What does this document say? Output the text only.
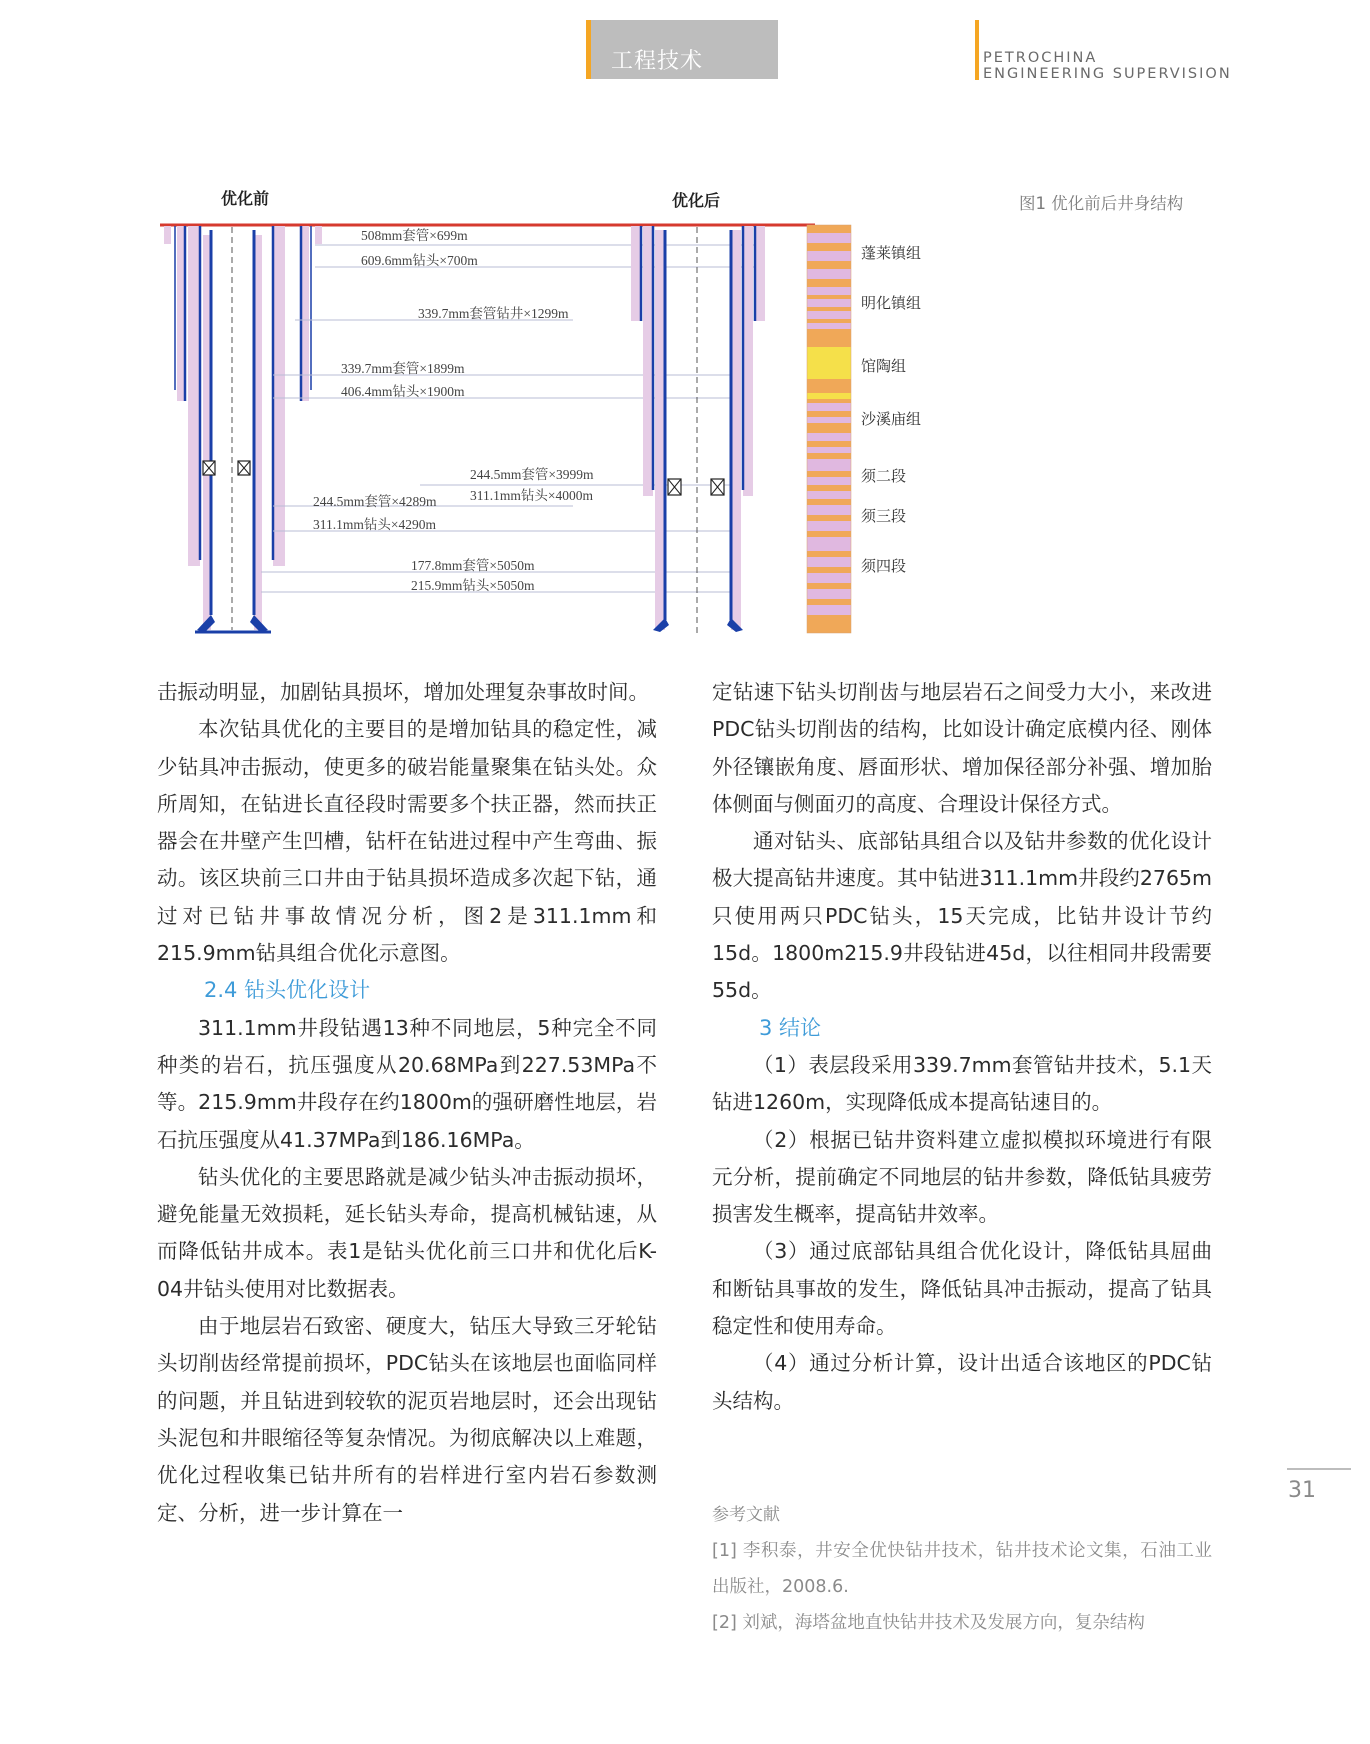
工程技术	PETROCHINA
ENGINEERING SUPERVISION
优化前	优化后	图1 优化前后井身结构
508mm套管×699m
609.6mm钻头×700m
339.7mm套管钻井×1299m
339.7mm套管×1899m
406.4mm钻头×1900m
244.5mm套管×3999m
311.1mm钻头×4000m
244.5mm套管×4289m
311.1mm钻头×4290m
177.8mm套管×5050m
215.9mm钻头×5050m
蓬莱镇组
明化镇组
馆陶组
沙溪庙组
须二段
须三段
须四段

击振动明显，加剧钻具损坏，增加处理复杂事故时间。

本次钻具优化的主要目的是增加钻具的稳定性，减少钻具冲击振动，使更多的破岩能量聚集在钻头处。众所周知，在钻进长直径段时需要多个扶正器，然而扶正器会在井壁产生凹槽，钻杆在钻进过程中产生弯曲、振动。该区块前三口井由于钻具损坏造成多次起下钻，通过对已钻井事故情况分析，图2是311.1mm和215.9mm钻具组合优化示意图。

2.4 钻头优化设计

311.1mm井段钻遇13种不同地层，5种完全不同种类的岩石，抗压强度从20.68MPa到227.53MPa不等。215.9mm井段存在约1800m的强研磨性地层，岩石抗压强度从41.37MPa到186.16MPa。

钻头优化的主要思路就是减少钻头冲击振动损坏，避免能量无效损耗，延长钻头寿命，提高机械钻速，从而降低钻井成本。表1是钻头优化前三口井和优化后K-04井钻头使用对比数据表。

由于地层岩石致密、硬度大，钻压大导致三牙轮钻头切削齿经常提前损坏，PDC钻头在该地层也面临同样的问题，并且钻进到较软的泥页岩地层时，还会出现钻头泥包和井眼缩径等复杂情况。为彻底解决以上难题，优化过程收集已钻井所有的岩样进行室内岩石参数测定、分析，进一步计算在一

定钻速下钻头切削齿与地层岩石之间受力大小，来改进PDC钻头切削齿的结构，比如设计确定底模内径、刚体外径镶嵌角度、唇面形状、增加保径部分补强、增加胎体侧面与侧面刃的高度、合理设计保径方式。

通对钻头、底部钻具组合以及钻井参数的优化设计极大提高钻井速度。其中钻进311.1mm井段约2765m只使用两只PDC钻头，15天完成，比钻井设计节约15d。1800m215.9井段钻进45d，以往相同井段需要55d。

3 结论

（1）表层段采用339.7mm套管钻井技术，5.1天钻进1260m，实现降低成本提高钻速目的。

（2）根据已钻井资料建立虚拟模拟环境进行有限元分析，提前确定不同地层的钻井参数，降低钻具疲劳损害发生概率，提高钻井效率。

（3）通过底部钻具组合优化设计，降低钻具屈曲和断钻具事故的发生，降低钻具冲击振动，提高了钻具稳定性和使用寿命。

（4）通过分析计算，设计出适合该地区的PDC钻头结构。

参考文献

[1] 李积泰，井安全优快钻井技术，钻井技术论文集，石油工业出版社，2008.6.

[2] 刘斌，海塔盆地直快钻井技术及发展方向，复杂结构

31
